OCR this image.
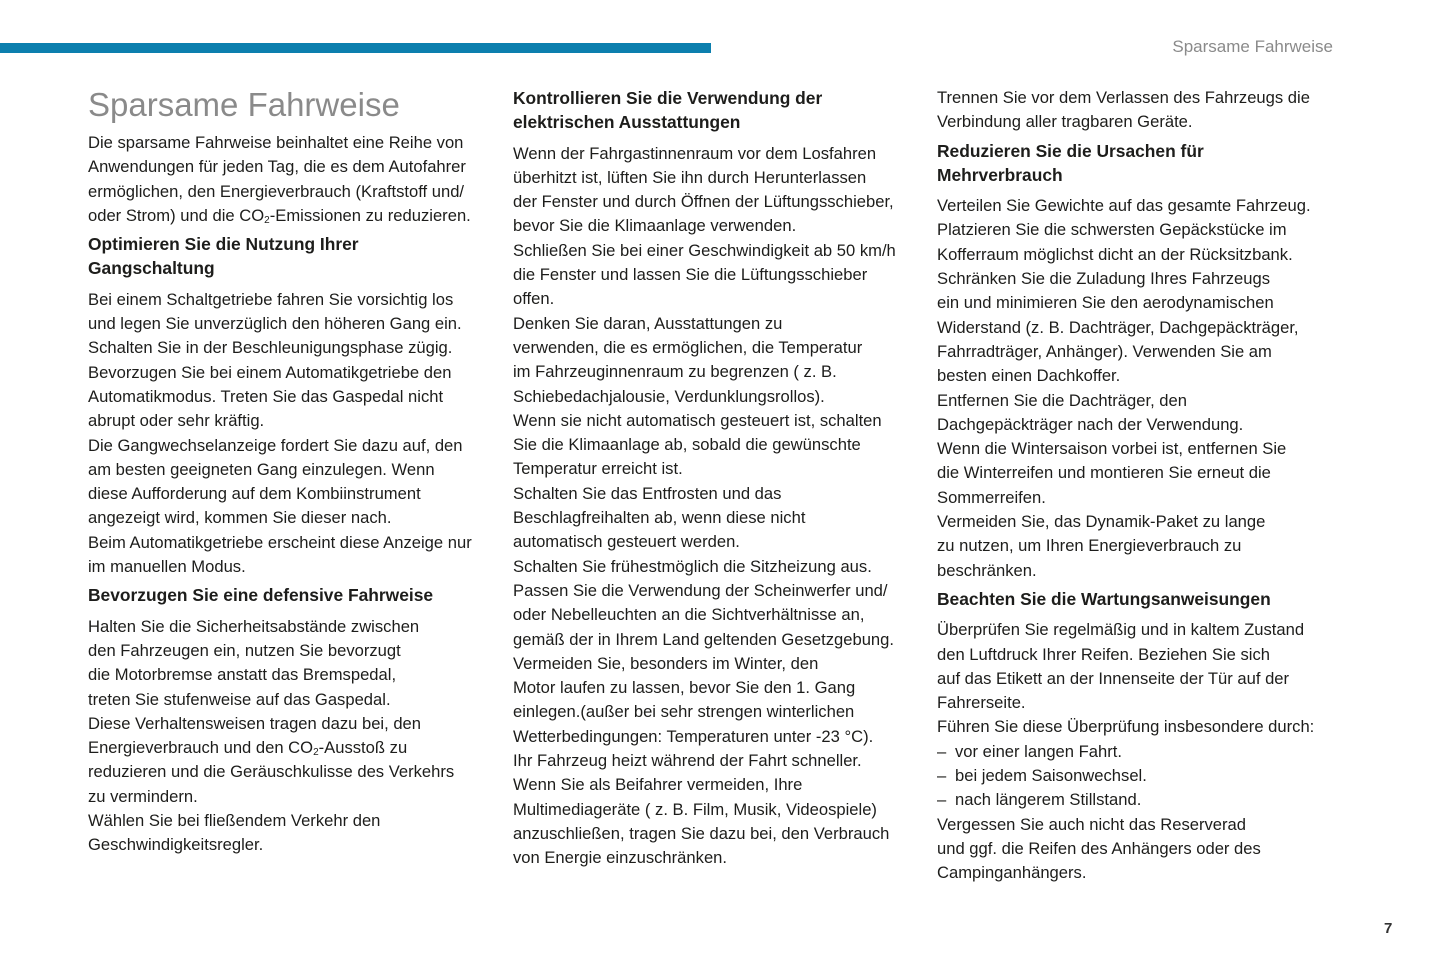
Sparsame Fahrweise
Sparsame Fahrweise

Die sparsame Fahrweise beinhaltet eine Reihe von
Anwendungen für jeden Tag, die es dem Autofahrer
ermöglichen, den Energieverbrauch (Kraftstoff und/
oder Strom) und die $CO_2$-Emissionen zu reduzieren.

Optimieren Sie die Nutzung Ihrer
Gangschaltung

Bei einem Schaltgetriebe fahren Sie vorsichtig los
und legen Sie unverzüglich den höheren Gang ein.
Schalten Sie in der Beschleunigungsphase zügig.
Bevorzugen Sie bei einem Automatikgetriebe den
Automatikmodus. Treten Sie das Gaspedal nicht
abrupt oder sehr kräftig.
Die Gangwechselanzeige fordert Sie dazu auf, den
am besten geeigneten Gang einzulegen. Wenn
diese Aufforderung auf dem Kombiinstrument
angezeigt wird, kommen Sie dieser nach.
Beim Automatikgetriebe erscheint diese Anzeige nur
im manuellen Modus.

Bevorzugen Sie eine defensive Fahrweise

Halten Sie die Sicherheitsabstände zwischen
den Fahrzeugen ein, nutzen Sie bevorzugt
die Motorbremse anstatt das Bremspedal,
treten Sie stufenweise auf das Gaspedal.
Diese Verhaltensweisen tragen dazu bei, den
Energieverbrauch und den $CO_2$-Ausstoß zu
reduzieren und die Geräuschkulisse des Verkehrs
zu vermindern.
Wählen Sie bei fließendem Verkehr den
Geschwindigkeitsregler.

Kontrollieren Sie die Verwendung der
elektrischen Ausstattungen

Wenn der Fahrgastinnenraum vor dem Losfahren
überhitzt ist, lüften Sie ihn durch Herunterlassen
der Fenster und durch Öffnen der Lüftungsschieber,
bevor Sie die Klimaanlage verwenden.
Schließen Sie bei einer Geschwindigkeit ab 50 km/h
die Fenster und lassen Sie die Lüftungsschieber
offen.
Denken Sie daran, Ausstattungen zu
verwenden, die es ermöglichen, die Temperatur
im Fahrzeuginnenraum zu begrenzen ( z. B.
Schiebedachjalousie, Verdunklungsrollos).
Wenn sie nicht automatisch gesteuert ist, schalten
Sie die Klimaanlage ab, sobald die gewünschte
Temperatur erreicht ist.
Schalten Sie das Entfrosten und das
Beschlagfreihalten ab, wenn diese nicht
automatisch gesteuert werden.
Schalten Sie frühestmöglich die Sitzheizung aus.
Passen Sie die Verwendung der Scheinwerfer und/
oder Nebelleuchten an die Sichtverhältnisse an,
gemäß der in Ihrem Land geltenden Gesetzgebung.
Vermeiden Sie, besonders im Winter, den
Motor laufen zu lassen, bevor Sie den 1. Gang
einlegen.(außer bei sehr strengen winterlichen
Wetterbedingungen: Temperaturen unter -23 °C).
Ihr Fahrzeug heizt während der Fahrt schneller.
Wenn Sie als Beifahrer vermeiden, Ihre
Multimediageräte ( z. B. Film, Musik, Videospiele)
anzuschließen, tragen Sie dazu bei, den Verbrauch
von Energie einzuschränken.

Trennen Sie vor dem Verlassen des Fahrzeugs die
Verbindung aller tragbaren Geräte.

Reduzieren Sie die Ursachen für
Mehrverbrauch

Verteilen Sie Gewichte auf das gesamte Fahrzeug.
Platzieren Sie die schwersten Gepäckstücke im
Kofferraum möglichst dicht an der Rücksitzbank.
Schränken Sie die Zuladung Ihres Fahrzeugs
ein und minimieren Sie den aerodynamischen
Widerstand (z. B. Dachträger, Dachgepäckträger,
Fahrradträger, Anhänger). Verwenden Sie am
besten einen Dachkoffer.
Entfernen Sie die Dachträger, den
Dachgepäckträger nach der Verwendung.
Wenn die Wintersaison vorbei ist, entfernen Sie
die Winterreifen und montieren Sie erneut die
Sommerreifen.
Vermeiden Sie, das Dynamik-Paket zu lange
zu nutzen, um Ihren Energieverbrauch zu
beschränken.

Beachten Sie die Wartungsanweisungen

Überprüfen Sie regelmäßig und in kaltem Zustand
den Luftdruck Ihrer Reifen. Beziehen Sie sich
auf das Etikett an der Innenseite der Tür auf der
Fahrerseite.
Führen Sie diese Überprüfung insbesondere durch:
– vor einer langen Fahrt.
– bei jedem Saisonwechsel.
– nach längerem Stillstand.
Vergessen Sie auch nicht das Reserverad
und ggf. die Reifen des Anhängers oder des
Campinganhängers.

7
